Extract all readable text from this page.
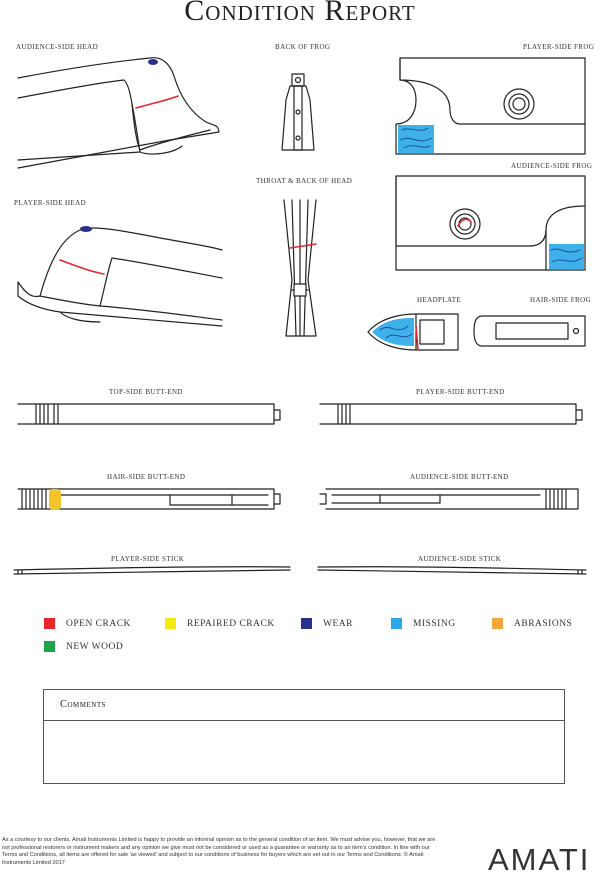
Condition Report
AUDIENCE-SIDE HEAD	BACK OF FROG	PLAYER-SIDE FROG
AUDIENCE-SIDE FROG
PLAYER-SIDE HEAD
THROAT & BACK OF HEAD
HEADPLATE	HAIR-SIDE FROG
TOP-SIDE BUTT-END	PLAYER-SIDE BUTT-END
HAIR-SIDE BUTT-END	AUDIENCE-SIDE BUTT-END
PLAYER-SIDE STICK	AUDIENCE-SIDE STICK
OPEN CRACK	REPAIRED CRACK	WEAR	MISSING	ABRASIONS
NEW WOOD
Comments
As a courtesy to our clients, Amati Instruments Limited is happy to provide an informal opinion as to the general condition of an item. We must advise you, however, that we are not professional restorers or instrument makers and any opinion we give must not be considered or used as a guarantee or warranty as to an item's condition. In line with our Terms and Conditions, all items are offered for sale 'as viewed' and subject to our conditions of business for buyers which are set out in our Terms and Conditions. © Amati Instruments Limited 2017	AMATI
